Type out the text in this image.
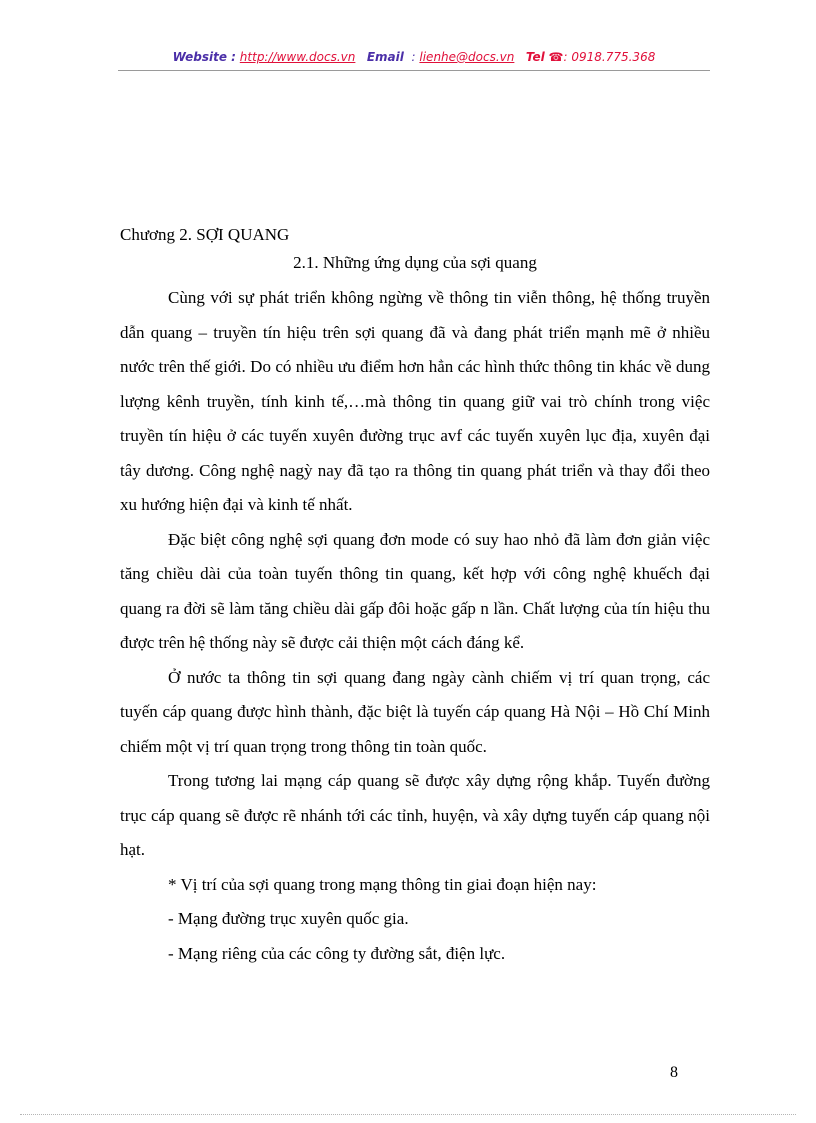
Website : http://www.docs.vn Email : lienhe@docs.vn Tel ☎: 0918.775.368
Chương 2. SỢI QUANG
2.1. Những ứng dụng của sợi quang

Cùng với sự phát triển không ngừng về thông tin viễn thông, hệ thống truyền dẫn quang – truyền tín hiệu trên sợi quang đã và đang phát triển mạnh mẽ ở nhiều nước trên thế giới. Do có nhiều ưu điểm hơn hẳn các hình thức thông tin khác về dung lượng kênh truyền, tính kinh tế,…mà thông tin quang giữ vai trò chính trong việc truyền tín hiệu ở các tuyến xuyên đường trục avf các tuyến xuyên lục địa, xuyên đại tây dương. Công nghệ nagỳ nay đã tạo ra thông tin quang phát triển và thay đổi theo xu hướng hiện đại và kinh tế nhất.

Đặc biệt công nghệ sợi quang đơn mode có suy hao nhỏ đã làm đơn giản việc tăng chiều dài của toàn tuyến thông tin quang, kết hợp với công nghệ khuếch đại quang ra đời sẽ làm tăng chiều dài gấp đôi hoặc gấp n lần. Chất lượng của tín hiệu thu được trên hệ thống này sẽ được cải thiện một cách đáng kể.

Ở nước ta thông tin sợi quang đang ngày cành chiếm vị trí quan trọng, các tuyến cáp quang được hình thành, đặc biệt là tuyến cáp quang Hà Nội – Hồ Chí Minh chiếm một vị trí quan trọng trong thông tin toàn quốc.

Trong tương lai mạng cáp quang sẽ được xây dựng rộng khắp. Tuyến đường trục cáp quang sẽ được rẽ nhánh tới các tỉnh, huyện, và xây dựng tuyến cáp quang nội hạt.

* Vị trí của sợi quang trong mạng thông tin giai đoạn hiện nay:

- Mạng đường trục xuyên quốc gia.

- Mạng riêng của các công ty đường sắt, điện lực.

8
